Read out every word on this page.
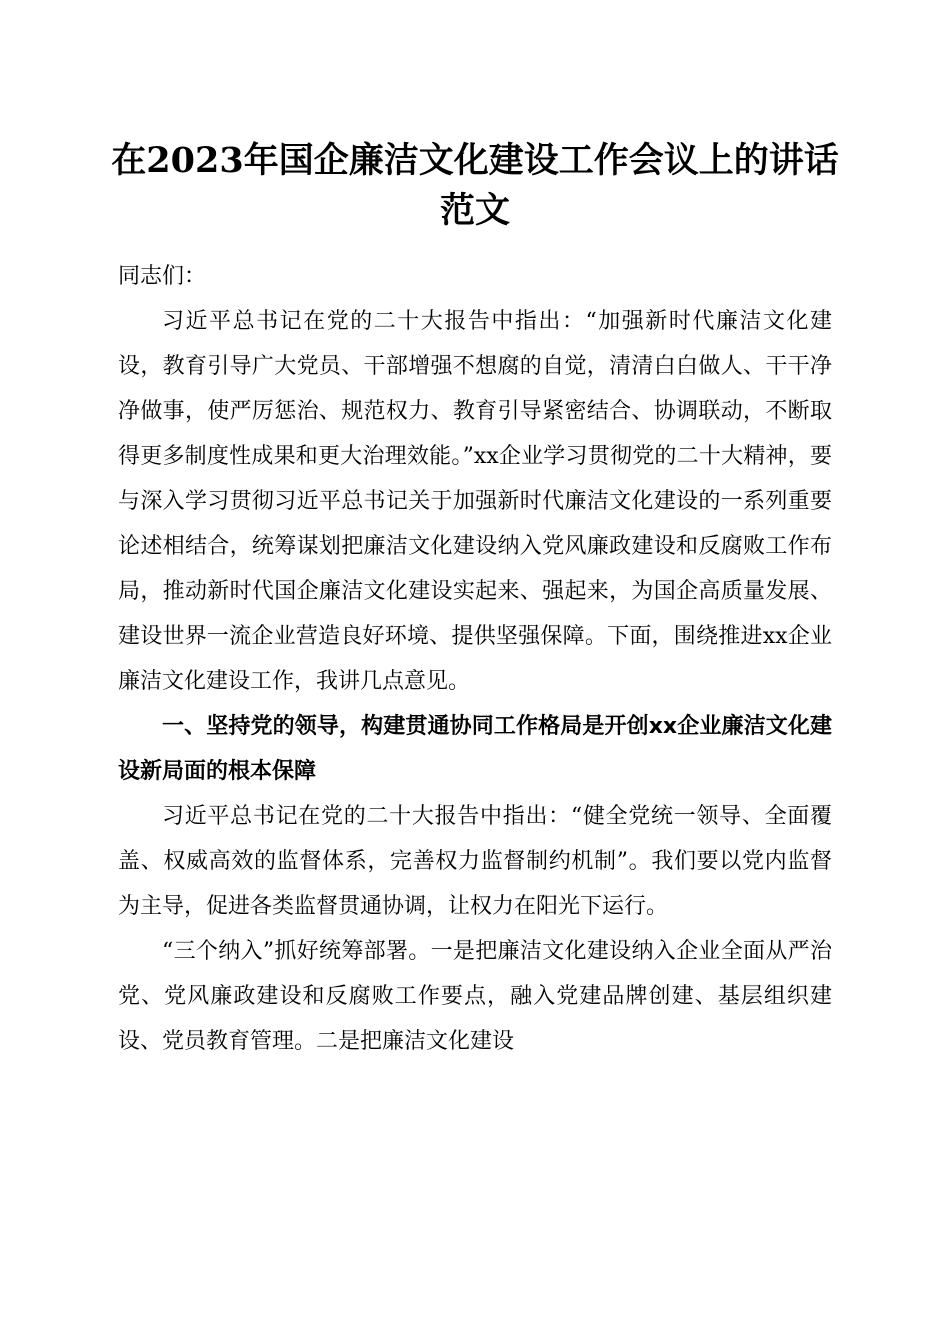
在2023年国企廉洁文化建设工作会议上的讲话范文

同志们：

习近平总书记在党的二十大报告中指出：“加强新时代廉洁文化建设，教育引导广大党员、干部增强不想腐的自觉，清清白白做人、干干净净做事，使严厉惩治、规范权力、教育引导紧密结合、协调联动，不断取得更多制度性成果和更大治理效能。”xx企业学习贯彻党的二十大精神，要与深入学习贯彻习近平总书记关于加强新时代廉洁文化建设的一系列重要论述相结合，统筹谋划把廉洁文化建设纳入党风廉政建设和反腐败工作布局，推动新时代国企廉洁文化建设实起来、强起来，为国企高质量发展、建设世界一流企业营造良好环境、提供坚强保障。下面，围绕推进xx企业廉洁文化建设工作，我讲几点意见。

一、坚持党的领导，构建贯通协同工作格局是开创xx企业廉洁文化建设新局面的根本保障

习近平总书记在党的二十大报告中指出：“健全党统一领导、全面覆盖、权威高效的监督体系，完善权力监督制约机制”。我们要以党内监督为主导，促进各类监督贯通协调，让权力在阳光下运行。

“三个纳入”抓好统筹部署。一是把廉洁文化建设纳入企业全面从严治党、党风廉政建设和反腐败工作要点，融入党建品牌创建、基层组织建设、党员教育管理。二是把廉洁文化建设
